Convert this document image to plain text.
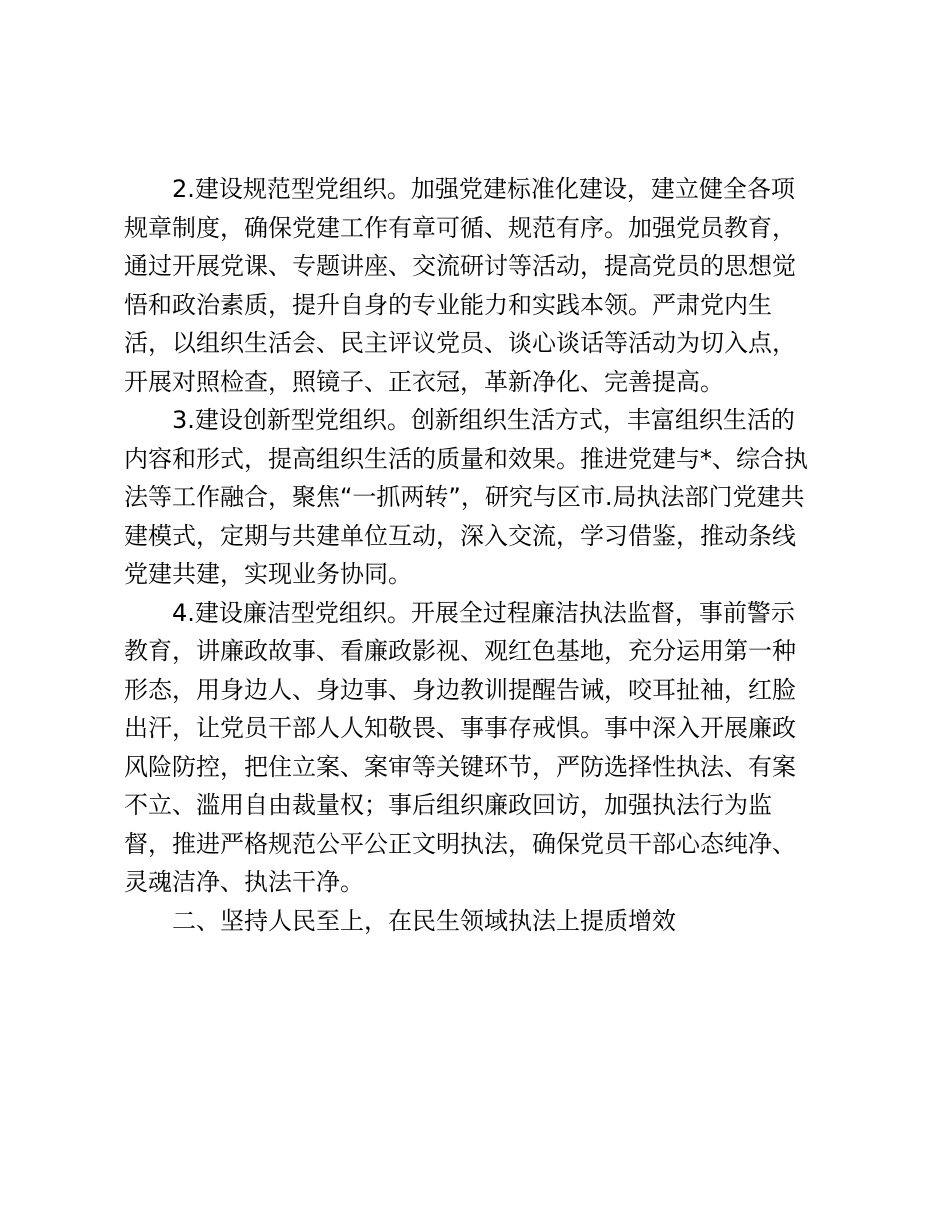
2.建设规范型党组织。加强党建标准化建设，建立健全各项
规章制度，确保党建工作有章可循、规范有序。加强党员教育，
通过开展党课、专题讲座、交流研讨等活动，提高党员的思想觉
悟和政治素质，提升自身的专业能力和实践本领。严肃党内生
活，以组织生活会、民主评议党员、谈心谈话等活动为切入点，
开展对照检查，照镜子、正衣冠，革新净化、完善提高。
3.建设创新型党组织。创新组织生活方式，丰富组织生活的
内容和形式，提高组织生活的质量和效果。推进党建与*、综合执
法等工作融合，聚焦“一抓两转”，研究与区市.局执法部门党建共
建模式，定期与共建单位互动，深入交流，学习借鉴，推动条线
党建共建，实现业务协同。
4.建设廉洁型党组织。开展全过程廉洁执法监督，事前警示
教育，讲廉政故事、看廉政影视、观红色基地，充分运用第一种
形态，用身边人、身边事、身边教训提醒告诫，咬耳扯袖，红脸
出汗，让党员干部人人知敬畏、事事存戒惧。事中深入开展廉政
风险防控，把住立案、案审等关键环节，严防选择性执法、有案
不立、滥用自由裁量权；事后组织廉政回访，加强执法行为监
督，推进严格规范公平公正文明执法，确保党员干部心态纯净、
灵魂洁净、执法干净。
二、坚持人民至上，在民生领域执法上提质增效
